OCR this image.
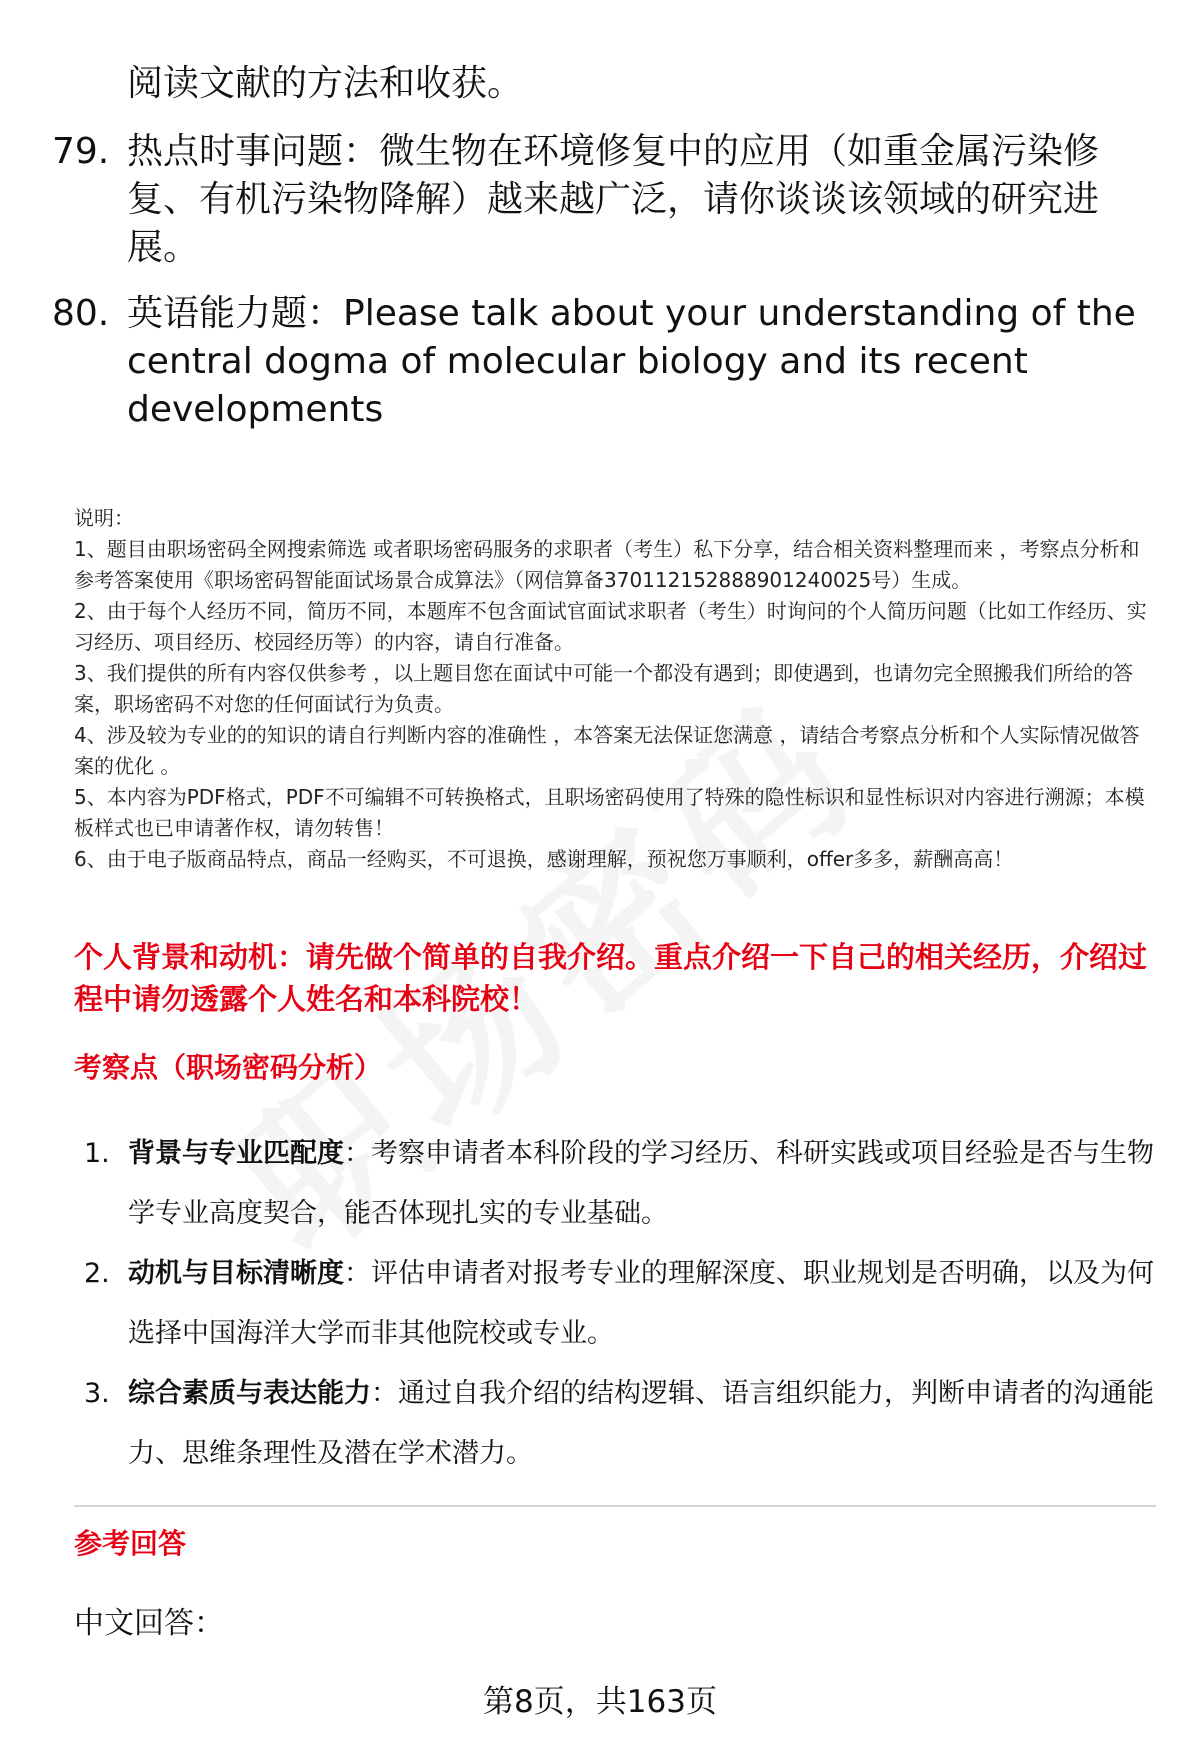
阅读文献的方法和收获。
79. 热点时事问题：微生物在环境修复中的应用（如重金属污染修复、有机污染物降解）越来越广泛，请你谈谈该领域的研究进展。
80. 英语能力题：Please talk about your understanding of the central dogma of molecular biology and its recent developments

说明：

1、题目由职场密码全网搜索筛选 或者职场密码服务的求职者（考生）私下分享，结合相关资料整理而来 ，考察点分析和参考答案使用《职场密码智能面试场景合成算法》（网信算备370112152888901240025号）生成。

2、由于每个人经历不同，简历不同，本题库不包含面试官面试求职者（考生）时询问的个人简历问题（比如工作经历、实习经历、项目经历、校园经历等）的内容，请自行准备。

3、我们提供的所有内容仅供参考 ，以上题目您在面试中可能一个都没有遇到；即使遇到，也请勿完全照搬我们所给的答案，职场密码不对您的任何面试行为负责。

4、涉及较为专业的的知识的请自行判断内容的准确性 ，本答案无法保证您满意 ，请结合考察点分析和个人实际情况做答案的优化 。

5、本内容为PDF格式，PDF不可编辑不可转换格式，且职场密码使用了特殊的隐性标识和显性标识对内容进行溯源；本模板样式也已申请著作权，请勿转售！

6、由于电子版商品特点，商品一经购买，不可退换，感谢理解，预祝您万事顺利，offer多多，薪酬高高！

个人背景和动机：请先做个简单的自我介绍。重点介绍一下自己的相关经历，介绍过程中请勿透露个人姓名和本科院校！
考察点（职场密码分析）
1. 背景与专业匹配度：考察申请者本科阶段的学习经历、科研实践或项目经验是否与生物学专业高度契合，能否体现扎实的专业基础。
2. 动机与目标清晰度：评估申请者对报考专业的理解深度、职业规划是否明确，以及为何选择中国海洋大学而非其他院校或专业。
3. 综合素质与表达能力：通过自我介绍的结构逻辑、语言组织能力，判断申请者的沟通能力、思维条理性及潜在学术潜力。
参考回答
中文回答：
第8页，共163页
